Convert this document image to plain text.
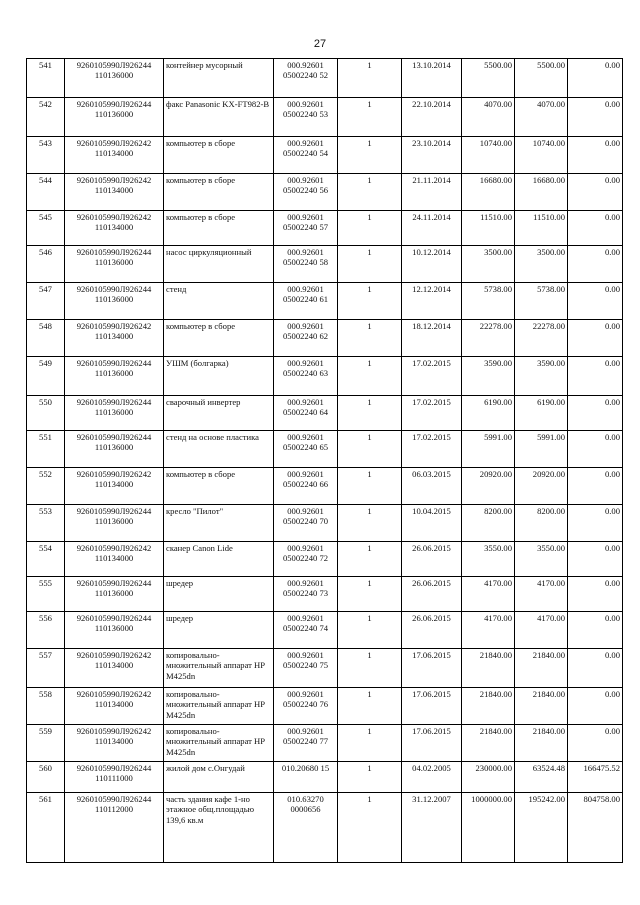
27
541	9260105990Л926244 110136000	контейнер мусорный	000.92601 05002240 52	1	13.10.2014	5500.00	5500.00	0.00
542	9260105990Л926244 110136000	факс Panasonic KX-FT982-B	000.92601 05002240 53	1	22.10.2014	4070.00	4070.00	0.00
543	9260105990Л926242 110134000	компьютер в сборе	000.92601 05002240 54	1	23.10.2014	10740.00	10740.00	0.00
544	9260105990Л926242 110134000	компьютер в сборе	000.92601 05002240 56	1	21.11.2014	16680.00	16680.00	0.00
545	9260105990Л926242 110134000	компьютер в сборе	000.92601 05002240 57	1	24.11.2014	11510.00	11510.00	0.00
546	9260105990Л926244 110136000	насос циркуляционный	000.92601 05002240 58	1	10.12.2014	3500.00	3500.00	0.00
547	9260105990Л926244 110136000	стенд	000.92601 05002240 61	1	12.12.2014	5738.00	5738.00	0.00
548	9260105990Л926242 110134000	компьютер в сборе	000.92601 05002240 62	1	18.12.2014	22278.00	22278.00	0.00
549	9260105990Л926244 110136000	УШМ (болгарка)	000.92601 05002240 63	1	17.02.2015	3590.00	3590.00	0.00
550	9260105990Л926244 110136000	сварочный инвертер	000.92601 05002240 64	1	17.02.2015	6190.00	6190.00	0.00
551	9260105990Л926244 110136000	стенд на основе пластика	000.92601 05002240 65	1	17.02.2015	5991.00	5991.00	0.00
552	9260105990Л926242 110134000	компьютер в сборе	000.92601 05002240 66	1	06.03.2015	20920.00	20920.00	0.00
553	9260105990Л926244 110136000	кресло "Пилот"	000.92601 05002240 70	1	10.04.2015	8200.00	8200.00	0.00
554	9260105990Л926242 110134000	сканер Canon Lide	000.92601 05002240 72	1	26.06.2015	3550.00	3550.00	0.00
555	9260105990Л926244 110136000	шредер	000.92601 05002240 73	1	26.06.2015	4170.00	4170.00	0.00
556	9260105990Л926244 110136000	шредер	000.92601 05002240 74	1	26.06.2015	4170.00	4170.00	0.00
557	9260105990Л926242 110134000	копировально-множительный аппарат HP M425dn	000.92601 05002240 75	1	17.06.2015	21840.00	21840.00	0.00
558	9260105990Л926242 110134000	копировально-множительный аппарат HP M425dn	000.92601 05002240 76	1	17.06.2015	21840.00	21840.00	0.00
559	9260105990Л926242 110134000	копировально-множительный аппарат HP M425dn	000.92601 05002240 77	1	17.06.2015	21840.00	21840.00	0.00
560	9260105990Л926244 110111000	жилой дом с.Онгудай	010.20680 15	1	04.02.2005	230000.00	63524.48	166475.52
561	9260105990Л926244 110112000	часть здания кафе 1-но этажное общ.площадью 139,6 кв.м	010.63270 0000656	1	31.12.2007	1000000.00	195242.00	804758.00
